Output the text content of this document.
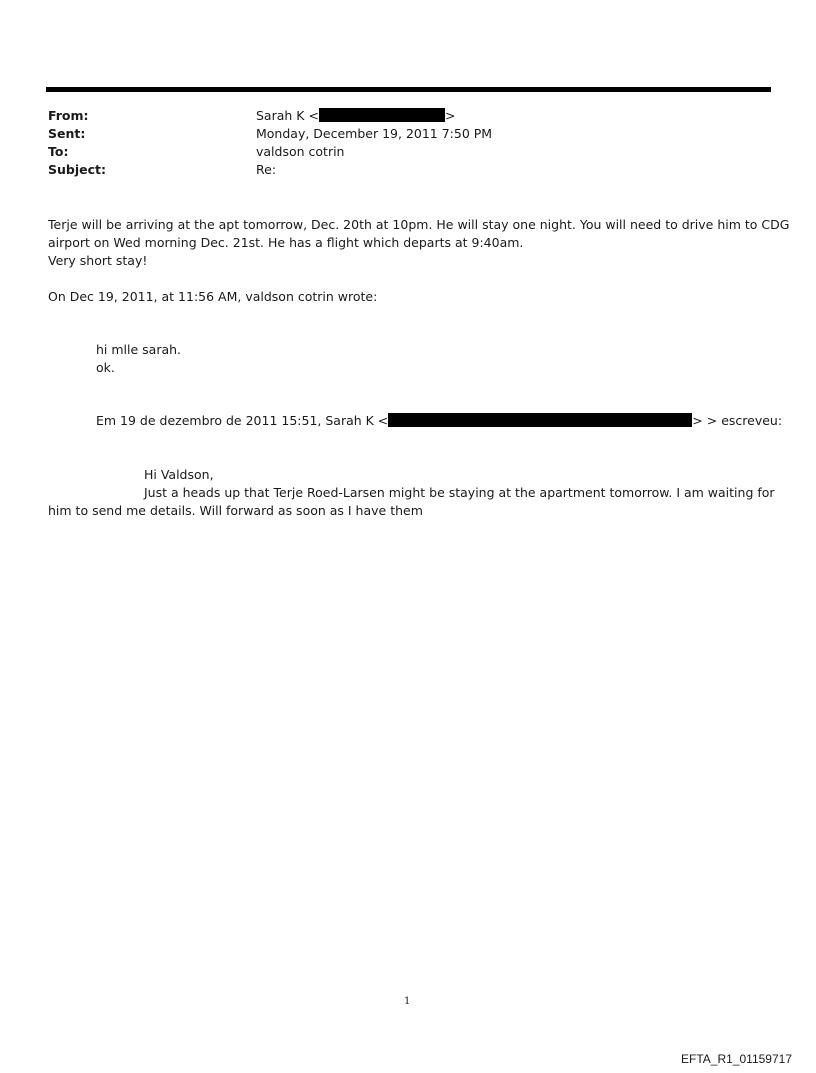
From:	Sarah K <	>
Sent:	Monday, December 19, 2011 7:50 PM
To:	valdson cotrin
Subject:	Re:
Terje will be arriving at the apt tomorrow, Dec. 20th at 10pm. He will stay one night. You will need to drive him to CDG
airport on Wed morning Dec. 21st. He has a flight which departs at 9:40am.
Very short stay!
On Dec 19, 2011, at 11:56 AM, valdson cotrin wrote:
hi mlle sarah.
ok.
Em 19 de dezembro de 2011 15:51, Sarah K <	> > escreveu:
Hi Valdson,
Just a heads up that Terje Roed-Larsen might be staying at the apartment tomorrow. I am waiting for
him to send me details. Will forward as soon as I have them
1
EFTA_R1_01159717
